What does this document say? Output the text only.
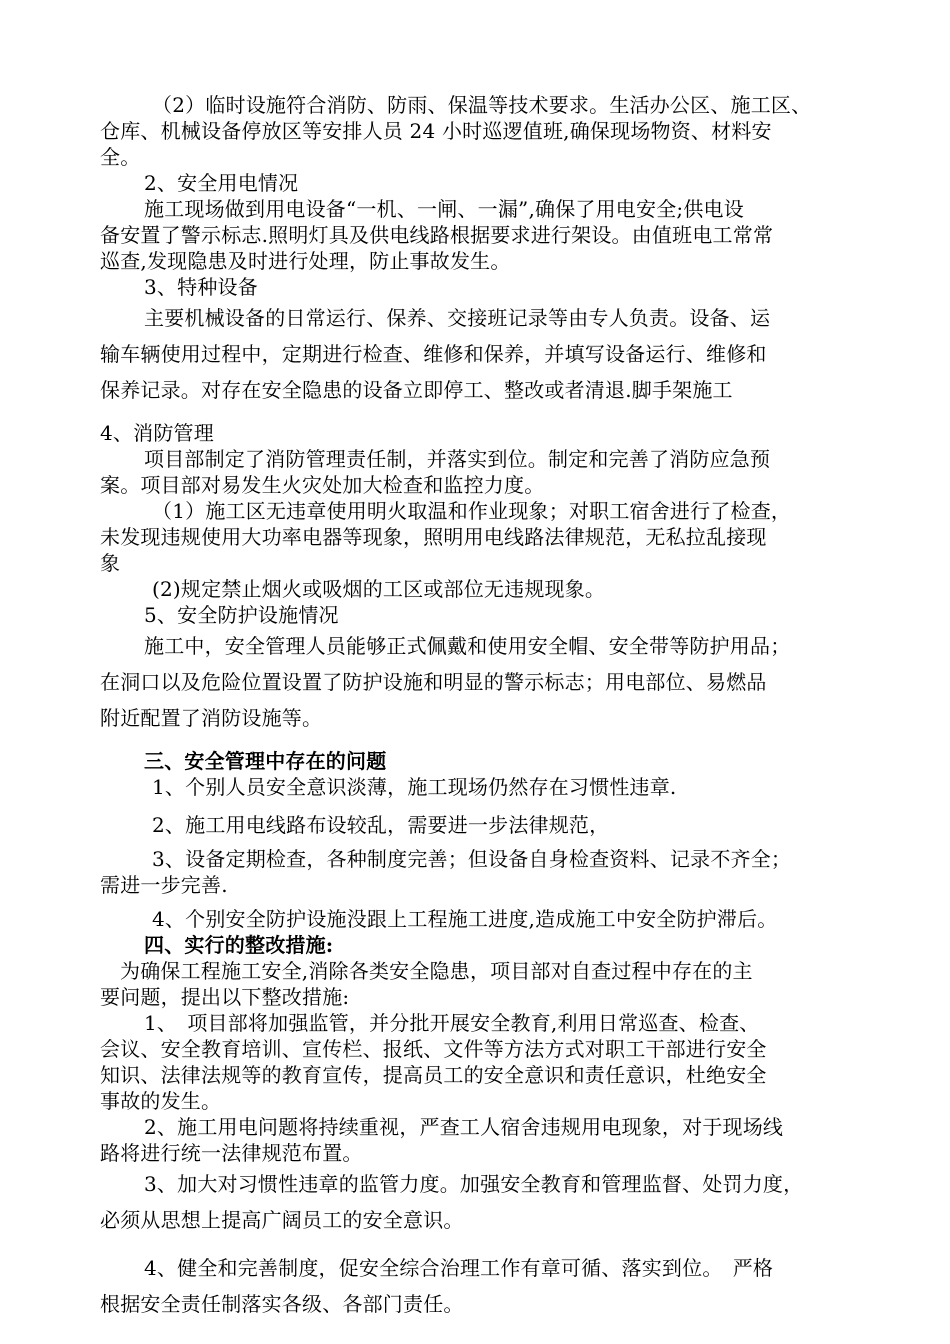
（2）临时设施符合消防、防雨、保温等技术要求。生活办公区、施工区、
仓库、机械设备停放区等安排人员 24 小时巡逻值班,确保现场物资、材料安
全。
2、安全用电情况
施工现场做到用电设备“一机、一闸、一漏”,确保了用电安全;供电设
备安置了警示标志.照明灯具及供电线路根据要求进行架设。由值班电工常常
巡查,发现隐患及时进行处理，防止事故发生。
3、特种设备
主要机械设备的日常运行、保养、交接班记录等由专人负责。设备、运
输车辆使用过程中，定期进行检查、维修和保养，并填写设备运行、维修和
保养记录。对存在安全隐患的设备立即停工、整改或者清退.脚手架施工
4、消防管理
项目部制定了消防管理责任制，并落实到位。制定和完善了消防应急预
案。项目部对易发生火灾处加大检查和监控力度。
（1）施工区无违章使用明火取温和作业现象；对职工宿舍进行了检查，
未发现违规使用大功率电器等现象，照明用电线路法律规范，无私拉乱接现
象
(2)规定禁止烟火或吸烟的工区或部位无违规现象。
5、安全防护设施情况
施工中，安全管理人员能够正式佩戴和使用安全帽、安全带等防护用品；
在洞口以及危险位置设置了防护设施和明显的警示标志；用电部位、易燃品
附近配置了消防设施等。
三、安全管理中存在的问题
1、个别人员安全意识淡薄，施工现场仍然存在习惯性违章.
2、施工用电线路布设较乱，需要进一步法律规范，
3、设备定期检查，各种制度完善；但设备自身检查资料、记录不齐全；
需进一步完善.
4、个别安全防护设施没跟上工程施工进度,造成施工中安全防护滞后。
四、实行的整改措施:
为确保工程施工安全,消除各类安全隐患，项目部对自查过程中存在的主
要问题，提出以下整改措施:
1、　项目部将加强监管，并分批开展安全教育,利用日常巡查、检查、
会议、安全教育培训、宣传栏、报纸、文件等方法方式对职工干部进行安全
知识、法律法规等的教育宣传，提高员工的安全意识和责任意识，杜绝安全
事故的发生。
2、施工用电问题将持续重视，严查工人宿舍违规用电现象，对于现场线
路将进行统一法律规范布置。
3、加大对习惯性违章的监管力度。加强安全教育和管理监督、处罚力度，
必须从思想上提高广阔员工的安全意识。
4、健全和完善制度，促安全综合治理工作有章可循、落实到位。　严格
根据安全责任制落实各级、各部门责任。
